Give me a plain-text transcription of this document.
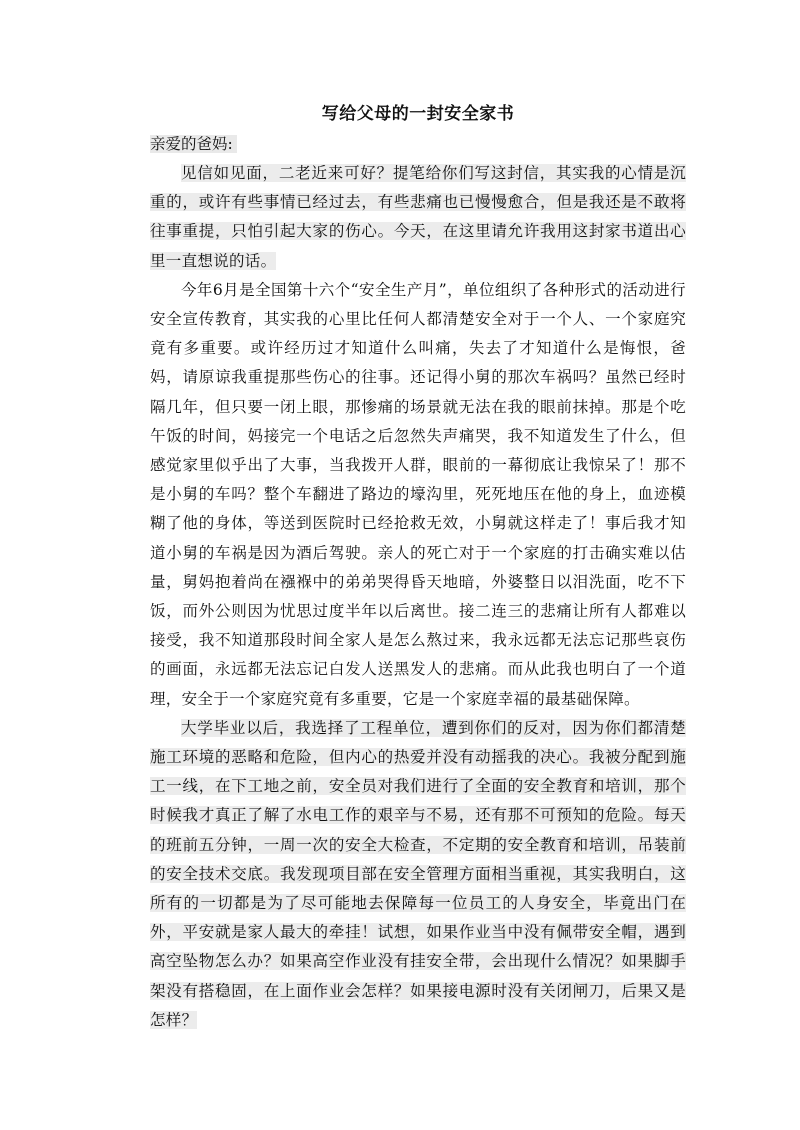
写给父母的一封安全家书

亲爱的爸妈:

见信如见面，二老近来可好？提笔给你们写这封信，其实我的心情是沉重的，或许有些事情已经过去，有些悲痛也已慢慢愈合，但是我还是不敢将往事重提，只怕引起大家的伤心。今天，在这里请允许我用这封家书道出心里一直想说的话。

今年6月是全国第十六个“安全生产月”，单位组织了各种形式的活动进行安全宣传教育，其实我的心里比任何人都清楚安全对于一个人、一个家庭究竟有多重要。或许经历过才知道什么叫痛，失去了才知道什么是悔恨，爸妈，请原谅我重提那些伤心的往事。还记得小舅的那次车祸吗？虽然已经时隔几年，但只要一闭上眼，那惨痛的场景就无法在我的眼前抹掉。那是个吃午饭的时间，妈接完一个电话之后忽然失声痛哭，我不知道发生了什么，但感觉家里似乎出了大事，当我拨开人群，眼前的一幕彻底让我惊呆了！那不是小舅的车吗？整个车翻进了路边的壕沟里，死死地压在他的身上，血迹模糊了他的身体，等送到医院时已经抢救无效，小舅就这样走了！事后我才知道小舅的车祸是因为酒后驾驶。亲人的死亡对于一个家庭的打击确实难以估量，舅妈抱着尚在襁褓中的弟弟哭得昏天地暗，外婆整日以泪洗面，吃不下饭，而外公则因为忧思过度半年以后离世。接二连三的悲痛让所有人都难以接受，我不知道那段时间全家人是怎么熬过来，我永远都无法忘记那些哀伤的画面，永远都无法忘记白发人送黑发人的悲痛。而从此我也明白了一个道理，安全于一个家庭究竟有多重要，它是一个家庭幸福的最基础保障。

大学毕业以后，我选择了工程单位，遭到你们的反对，因为你们都清楚施工环境的恶略和危险，但内心的热爱并没有动摇我的决心。我被分配到施工一线，在下工地之前，安全员对我们进行了全面的安全教育和培训，那个时候我才真正了解了水电工作的艰辛与不易，还有那不可预知的危险。每天的班前五分钟，一周一次的安全大检查，不定期的安全教育和培训，吊装前的安全技术交底。我发现项目部在安全管理方面相当重视，其实我明白，这所有的一切都是为了尽可能地去保障每一位员工的人身安全，毕竟出门在外，平安就是家人最大的牵挂！试想，如果作业当中没有佩带安全帽，遇到高空坠物怎么办？如果高空作业没有挂安全带，会出现什么情况？如果脚手架没有搭稳固，在上面作业会怎样？如果接电源时没有关闭闸刀，后果又是怎样？
